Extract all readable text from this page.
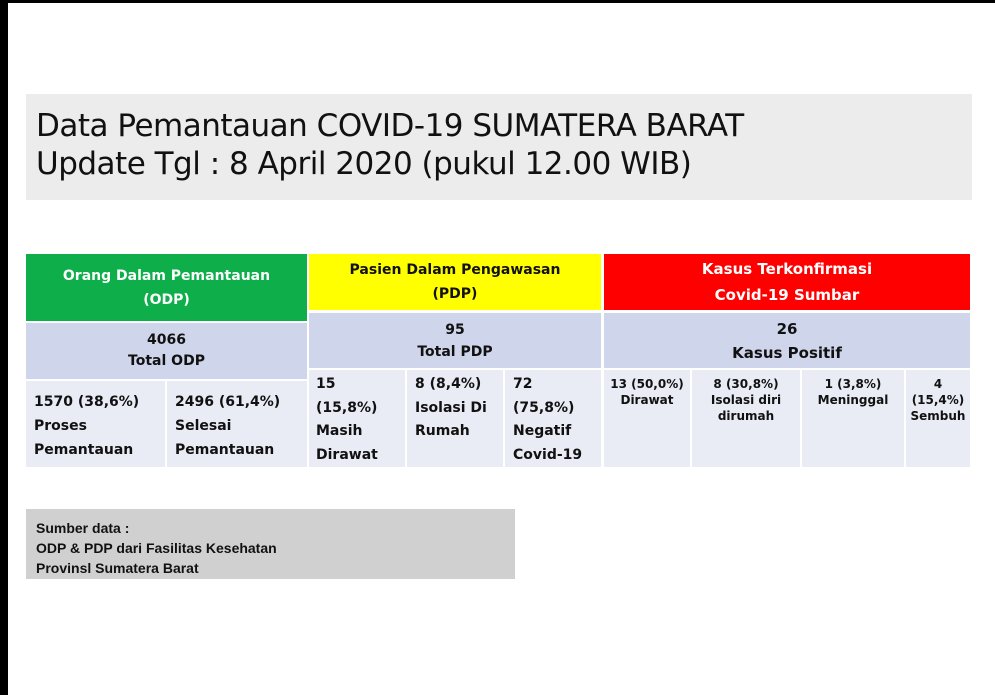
Data Pemantauan COVID-19 SUMATERA BARAT
Update Tgl : 8 April 2020 (pukul 12.00 WIB)
Orang Dalam Pemantauan
(ODP)
Pasien Dalam Pengawasan
(PDP)
Kasus Terkonfirmasi
Covid-19 Sumbar
4066
Total ODP
95
Total PDP
26
Kasus Positif
1570 (38,6%)
Proses
Pemantauan
2496 (61,4%)
Selesai
Pemantauan
15
(15,8%)
Masih
Dirawat
8 (8,4%)
Isolasi Di
Rumah
72
(75,8%)
Negatif
Covid-19
13 (50,0%)
Dirawat
8 (30,8%)
Isolasi diri
dirumah
1 (3,8%)
Meninggal
4
(15,4%)
Sembuh
Sumber data :
ODP & PDP dari Fasilitas Kesehatan
Provinsl Sumatera Barat
